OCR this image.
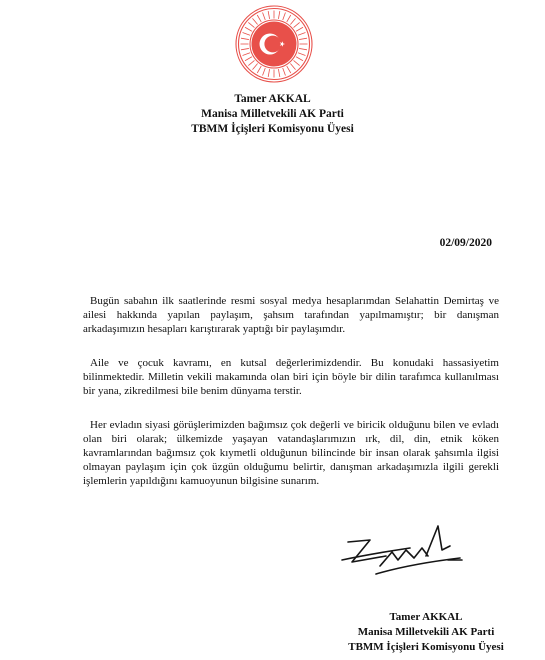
Tamer AKKAL
Manisa Milletvekili AK Parti
TBMM İçişleri Komisyonu Üyesi
02/09/2020

Bugün sabahın ilk saatlerinde resmi sosyal medya hesaplarımdan Selahattin Demirtaş ve ailesi hakkında yapılan paylaşım, şahsım tarafından yapılmamıştır; bir danışman arkadaşımızın hesapları karıştırarak yaptığı bir paylaşımdır.

Aile ve çocuk kavramı, en kutsal değerlerimizdendir. Bu konudaki hassasiyetim bilinmektedir. Milletin vekili makamında olan biri için böyle bir dilin tarafımca kullanılması bir yana, zikredilmesi bile benim dünyama terstir.

Her evladın siyasi görüşlerimizden bağımsız çok değerli ve biricik olduğunu bilen ve evladı olan biri olarak; ülkemizde yaşayan vatandaşlarımızın ırk, dil, din, etnik köken kavramlarından bağımsız çok kıymetli olduğunun bilincinde bir insan olarak şahsımla ilgisi olmayan paylaşım için çok üzgün olduğumu belirtir, danışman arkadaşımızla ilgili gerekli işlemlerin yapıldığını kamuoyunun bilgisine sunarım.

Tamer AKKAL
Manisa Milletvekili AK Parti
TBMM İçişleri Komisyonu Üyesi
